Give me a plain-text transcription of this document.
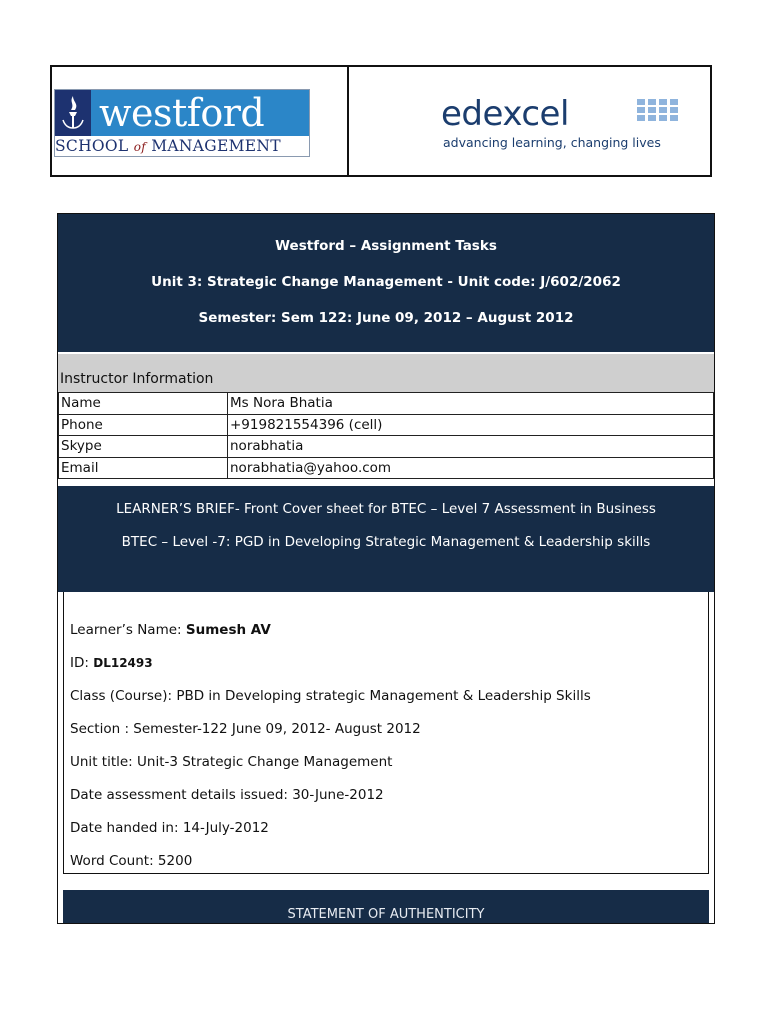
westford
SCHOOL of MANAGEMENT
edexcel
advancing learning, changing lives
Westford – Assignment Tasks
Unit 3: Strategic Change Management - Unit code: J/602/2062
Semester: Sem 122: June 09, 2012 – August 2012
Instructor Information
Name	Ms Nora Bhatia
Phone	+919821554396 (cell)
Skype	norabhatia
Email	norabhatia@yahoo.com
LEARNER’S BRIEF- Front Cover sheet for BTEC – Level 7 Assessment in Business
BTEC – Level -7: PGD in Developing Strategic Management & Leadership skills
Learner’s Name: Sumesh AV
ID: DL12493
Class (Course): PBD in Developing strategic Management & Leadership Skills
Section : Semester-122 June 09, 2012- August 2012
Unit title: Unit-3 Strategic Change Management
Date assessment details issued: 30-June-2012
Date handed in: 14-July-2012
Word Count: 5200
STATEMENT OF AUTHENTICITY
